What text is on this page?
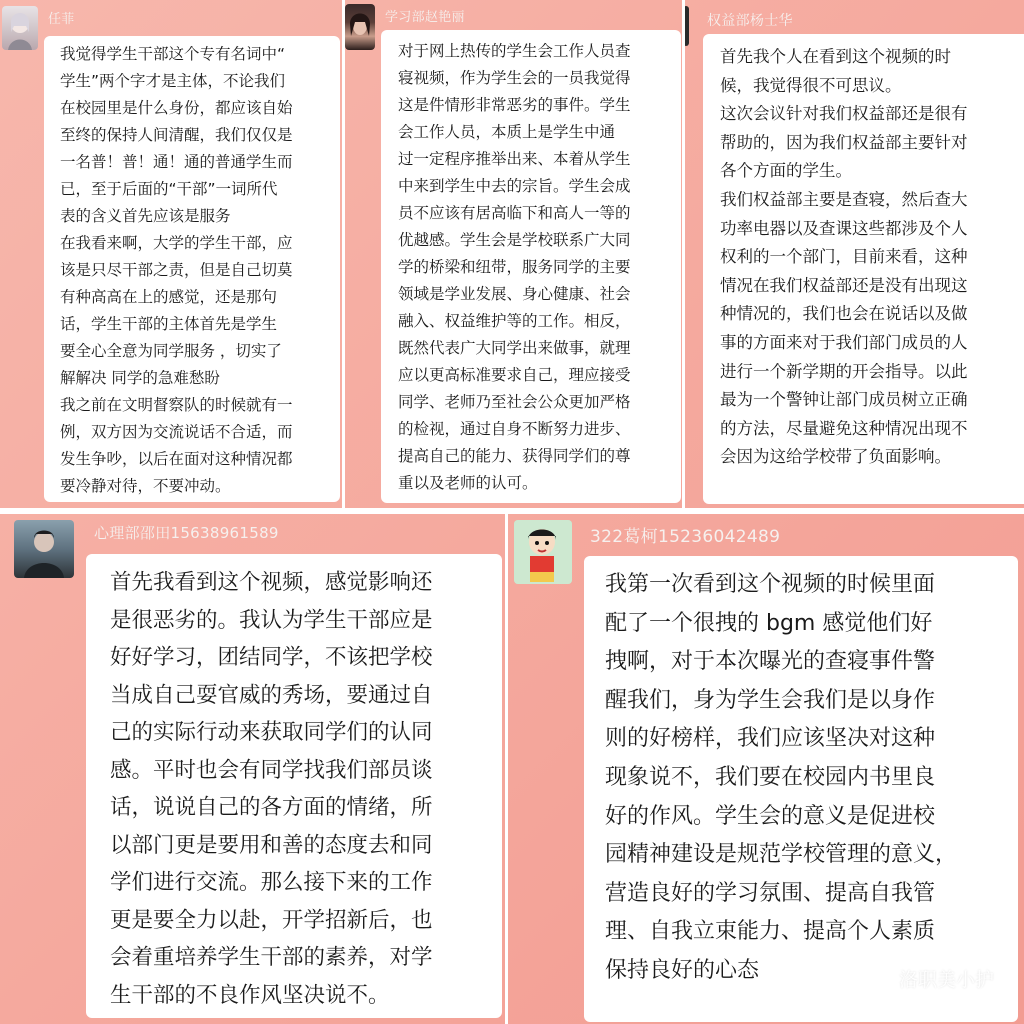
任菲

我觉得学生干部这个专有名词中“

学生”两个字才是主体，不论我们

在校园里是什么身份，都应该自始

至终的保持人间清醒，我们仅仅是

一名普！普！通！通的普通学生而

已，至于后面的“干部”一词所代

表的含义首先应该是服务

在我看来啊，大学的学生干部，应

该是只尽干部之责，但是自己切莫

有种高高在上的感觉，还是那句

话，学生干部的主体首先是学生

要全心全意为同学服务 ，切实了

解解决 同学的急难愁盼

我之前在文明督察队的时候就有一

例，双方因为交流说话不合适，而

发生争吵，以后在面对这种情况都

要冷静对待，不要冲动。

学习部赵艳丽

对于网上热传的学生会工作人员查

寝视频，作为学生会的一员我觉得

这是件情形非常恶劣的事件。学生

会工作人员，本质上是学生中通

过一定程序推举出来、本着从学生

中来到学生中去的宗旨。学生会成

员不应该有居高临下和高人一等的

优越感。学生会是学校联系广大同

学的桥梁和纽带，服务同学的主要

领域是学业发展、身心健康、社会

融入、权益维护等的工作。相反，

既然代表广大同学出来做事，就理

应以更高标准要求自己，理应接受

同学、老师乃至社会公众更加严格

的检视，通过自身不断努力进步、

提高自己的能力、获得同学们的尊

重以及老师的认可。

权益部杨士华

首先我个人在看到这个视频的时

候，我觉得很不可思议。

这次会议针对我们权益部还是很有

帮助的，因为我们权益部主要针对

各个方面的学生。

我们权益部主要是查寝，然后查大

功率电器以及查课这些都涉及个人

权利的一个部门，目前来看，这种

情况在我们权益部还是没有出现这

种情况的，我们也会在说话以及做

事的方面来对于我们部门成员的人

进行一个新学期的开会指导。以此

最为一个警钟让部门成员树立正确

的方法，尽量避免这种情况出现不

会因为这给学校带了负面影响。

心理部邵田15638961589

首先我看到这个视频，感觉影响还

是很恶劣的。我认为学生干部应是

好好学习，团结同学，不该把学校

当成自己耍官威的秀场，要通过自

己的实际行动来获取同学们的认同

感。平时也会有同学找我们部员谈

话，说说自己的各方面的情绪，所

以部门更是要用和善的态度去和同

学们进行交流。那么接下来的工作

更是要全力以赴，开学招新后，也

会着重培养学生干部的素养，对学

生干部的不良作风坚决说不。

322葛柯15236042489

我第一次看到这个视频的时候里面

配了一个很拽的 bgm 感觉他们好

拽啊，对于本次曝光的查寝事件警

醒我们，身为学生会我们是以身作

则的好榜样，我们应该坚决对这种

现象说不，我们要在校园内书里良

好的作风。学生会的意义是促进校

园精神建设是规范学校管理的意义，

营造良好的学习氛围、提高自我管

理、自我立束能力、提高个人素质

保持良好的心态	洛职美小护
